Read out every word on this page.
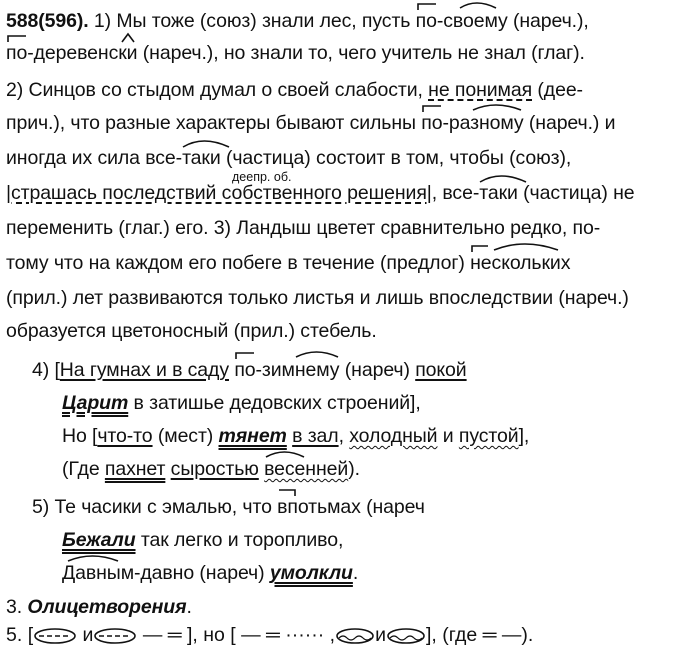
588(596). 1) Мы тоже (союз) знали лес, пусть по-своему
(нареч.),
по-деревенски
(нареч.), но знали то, чего учитель не знал (глаг).
2) Синцов со стыдом думал о своей слабости, не понимая (дее-
прич.), что разные характеры бывают сильны по-разному
(нареч.) и
иногда их сила все-таки
(частица) состоит в том, чтобы (союз),
деепр. об.
|страшась последствий собственного решения|, все-таки
(частица) не
переменить (глаг.) его. 3) Ландыш цветет сравнительно редко, по-
тому что на каждом его побеге в течение (предлог) нескольких
(прил.) лет развиваются только листья и лишь впоследствии (нареч.)
образуется цветоносный (прил.) стебель.
4) [На гумнах и в саду по-зимнему
(нареч) покой
Царит в затишье дедовских строений],
Но [что-то (мест) тянет в зал, холодный и пустой],
(Где пахнет сыростью весенней
).
5) Те часики с эмалью, что впотьмах
(нареч
Бежали так легко и торопливо,
Давным-давно
(нареч) умолкли.
3. Олицетворения.
5. [ и — ═ ], но [ — ═ ······ , и ], (где ═ —).
